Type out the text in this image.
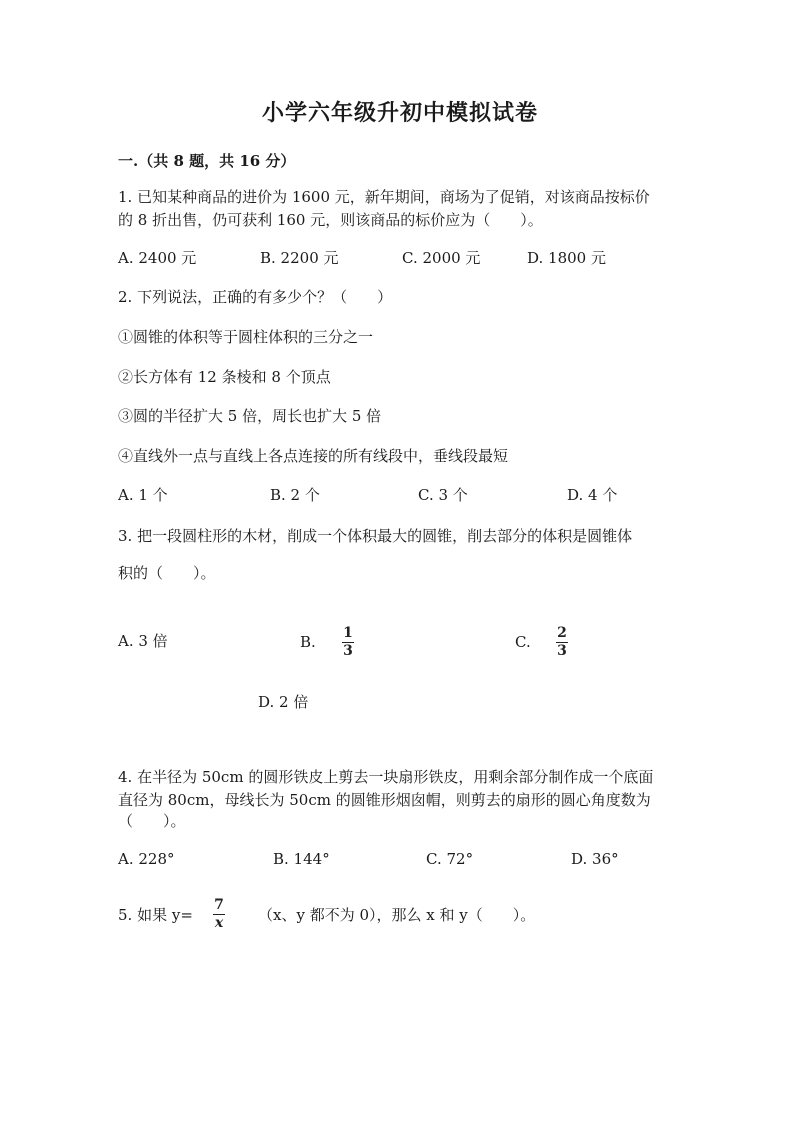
小学六年级升初中模拟试卷
一.（共 8 题，共 16 分）
1. 已知某种商品的进价为 1600 元，新年期间，商场为了促销，对该商品按标价
的 8 折出售，仍可获利 160 元，则该商品的标价应为（　　）。
A. 2400 元	B. 2200 元	C. 2000 元	D. 1800 元
2. 下列说法，正确的有多少个？（　　）
①圆锥的体积等于圆柱体积的三分之一
②长方体有 12 条棱和 8 个顶点
③圆的半径扩大 5 倍，周长也扩大 5 倍
④直线外一点与直线上各点连接的所有线段中，垂线段最短
A. 1 个	B. 2 个	C. 3 个	D. 4 个
3. 把一段圆柱形的木材，削成一个体积最大的圆锥，削去部分的体积是圆锥体
积的（　　）。
A. 3 倍	B. 1
3	C. 2
3
D. 2 倍
4. 在半径为 50cm 的圆形铁皮上剪去一块扇形铁皮，用剩余部分制作成一个底面
直径为 80cm，母线长为 50cm 的圆锥形烟囱帽，则剪去的扇形的圆心角度数为
（　　）。
A. 228°	B. 144°	C. 72°	D. 36°
5. 如果 y=
7
x （x、y 都不为 0），那么 x 和 y（　　）。
